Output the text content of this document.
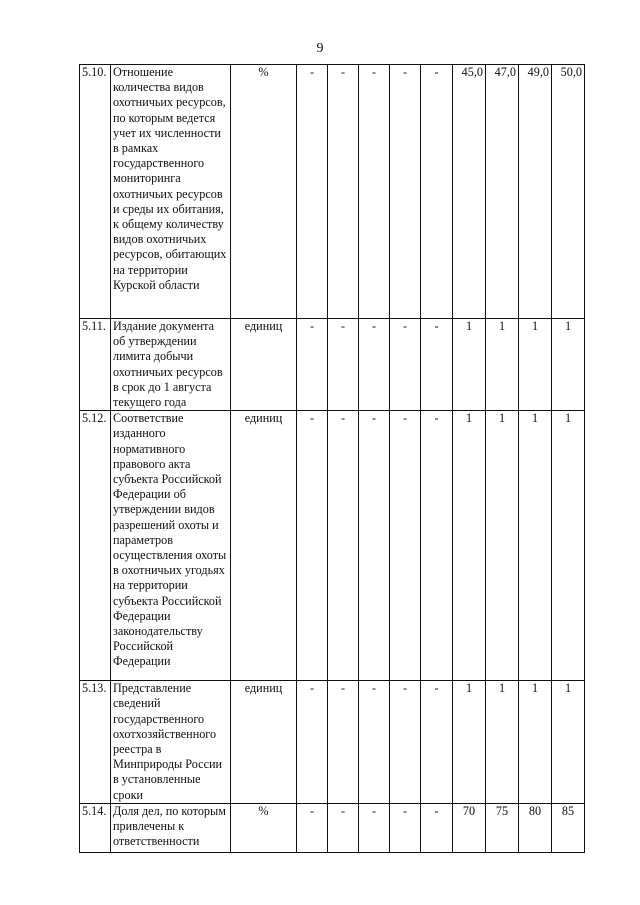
9
5.10.	Отношение количества видов охотничьих ресурсов, по которым ведется учет их численности в рамках государственного мониторинга охотничьих ресурсов и среды их обитания, к общему количеству видов охотничьих ресурсов, обитающих на территории Курской области	%	-	-	-	-	-	45,0	47,0	49,0	50,0
5.11.	Издание документа об утверждении лимита добычи охотничьих ресурсов в срок до 1 августа текущего года	единиц	-	-	-	-	-	1	1	1	1
5.12.	Соответствие изданного нормативного правового акта субъекта Российской Федерации об утверждении видов разрешений охоты и параметров осуществления охоты в охотничьих угодьях на территории субъекта Российской Федерации законодательству Российской Федерации	единиц	-	-	-	-	-	1	1	1	1
5.13.	Представление сведений государственного охотхозяйственного реестра в Минприроды России в установленные сроки	единиц	-	-	-	-	-	1	1	1	1
5.14.	Доля дел, по которым привлечены к ответственности	%	-	-	-	-	-	70	75	80	85
